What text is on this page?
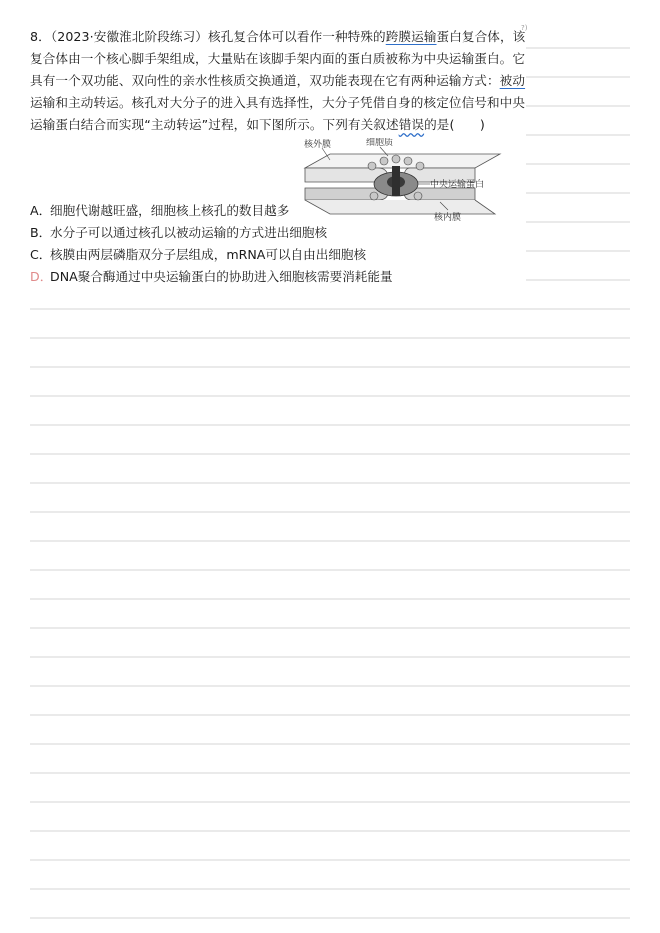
?)

8．（2023·安徽淮北阶段练习）核孔复合体可以看作一种特殊的跨膜运输蛋白复合体，该复合体由一个核心脚手架组成，大量贴在该脚手架内面的蛋白质被称为中央运输蛋白。它具有一个双功能、双向性的亲水性核质交换通道，双功能表现在它有两种运输方式：被动运输和主动转运。核孔对大分子的进入具有选择性，大分子凭借自身的核定位信号和中央运输蛋白结合而实现“主动转运”过程，如下图所示。下列有关叙述错误的是(　　)

核外膜	细胞质
中央运输蛋白
核内膜
A．细胞代谢越旺盛，细胞核上核孔的数目越多
B．水分子可以通过核孔以被动运输的方式进出细胞核
C．核膜由两层磷脂双分子层组成，mRNA可以自由出细胞核
D．DNA聚合酶通过中央运输蛋白的协助进入细胞核需要消耗能量
